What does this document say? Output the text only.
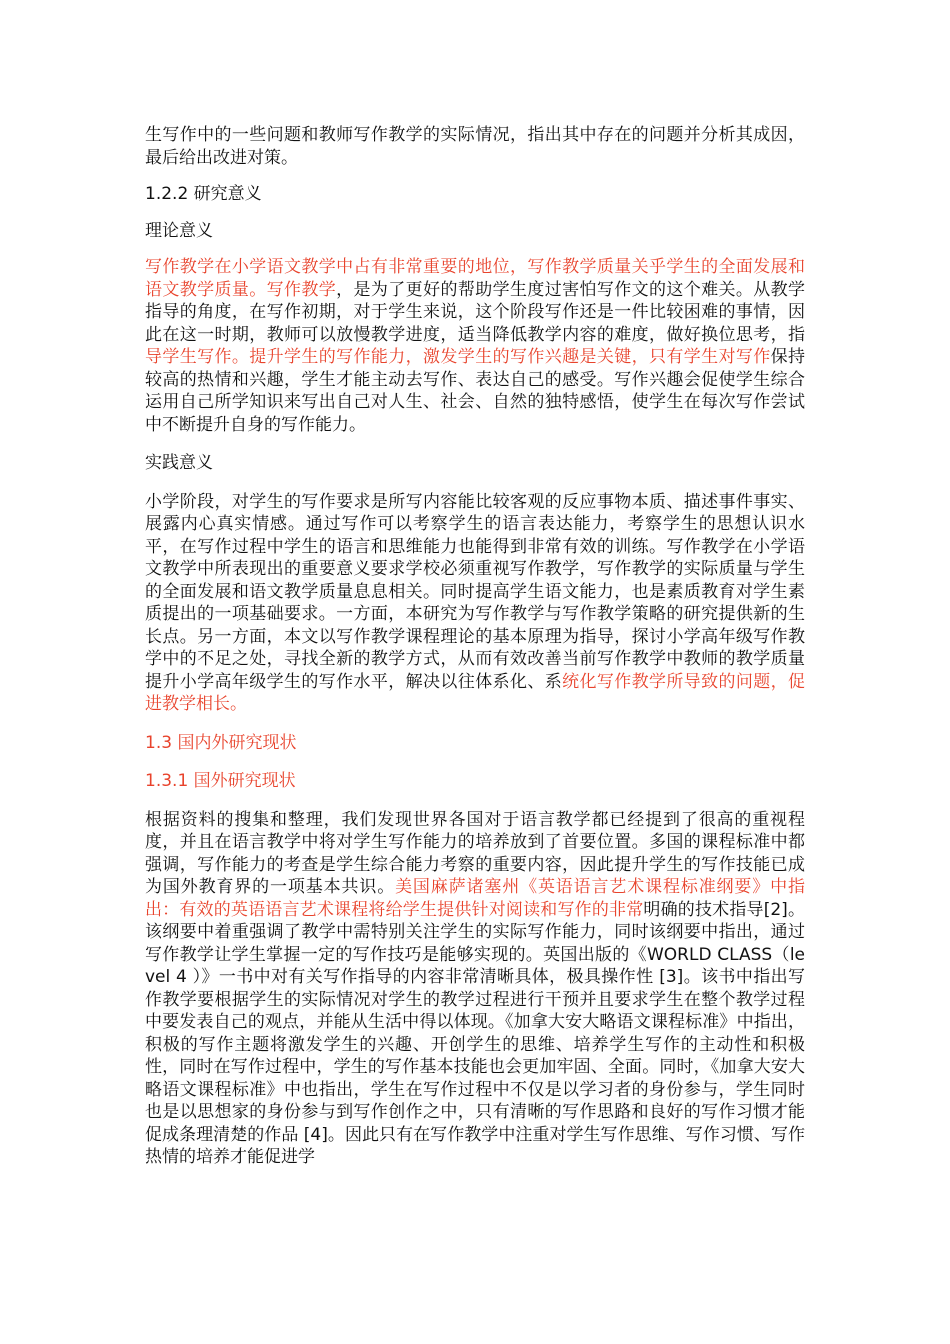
生写作中的一些问题和教师写作教学的实际情况，指出其中存在的问题并分析其成因，最后给出改进对策。

1.2.2 研究意义

理论意义

写作教学在小学语文教学中占有非常重要的地位，写作教学质量关乎学生的全面发展和语文教学质量。写作教学，是为了更好的帮助学生度过害怕写作文的这个难关。从教学指导的角度，在写作初期，对于学生来说，这个阶段写作还是一件比较困难的事情，因此在这一时期，教师可以放慢教学进度，适当降低教学内容的难度，做好换位思考，指导学生写作。提升学生的写作能力，激发学生的写作兴趣是关键，只有学生对写作保持较高的热情和兴趣，学生才能主动去写作、表达自己的感受。写作兴趣会促使学生综合运用自己所学知识来写出自己对人生、社会、自然的独特感悟，使学生在每次写作尝试中不断提升自身的写作能力。

实践意义

小学阶段，对学生的写作要求是所写内容能比较客观的反应事物本质、描述事件事实、展露内心真实情感。通过写作可以考察学生的语言表达能力，考察学生的思想认识水平，在写作过程中学生的语言和思维能力也能得到非常有效的训练。写作教学在小学语文教学中所表现出的重要意义要求学校必须重视写作教学，写作教学的实际质量与学生的全面发展和语文教学质量息息相关。同时提高学生语文能力，也是素质教育对学生素质提出的一项基础要求。一方面，本研究为写作教学与写作教学策略的研究提供新的生长点。另一方面，本文以写作教学课程理论的基本原理为指导，探讨小学高年级写作教学中的不足之处，寻找全新的教学方式，从而有效改善当前写作教学中教师的教学质量提升小学高年级学生的写作水平，解决以往体系化、系统化写作教学所导致的问题，促进教学相长。

1.3 国内外研究现状

1.3.1 国外研究现状

根据资料的搜集和整理，我们发现世界各国对于语言教学都已经提到了很高的重视程 度，并且在语言教学中将对学生写作能力的培养放到了首要位置。多国的课程标准中都强调，写作能力的考查是学生综合能力考察的重要内容，因此提升学生的写作技能已成为国外教育界的一项基本共识。美国麻萨诸塞州《英语语言艺术课程标准纲要》中指出：有效的英语语言艺术课程将给学生提供针对阅读和写作的非常明确的技术指导[2]。该纲要中着重强调了教学中需特别关注学生的实际写作能力，同时该纲要中指出，通过写作教学让学生掌握一定的写作技巧是能够实现的。英国出版的《WORLD CLASS（level 4 ）》一书中对有关写作指导的内容非常清晰具体，极具操作性 [3]。该书中指出写作教学要根据学生的实际情况对学生的教学过程进行干预并且要求学生在整个教学过程中要发表自己的观点，并能从生活中得以体现。《加拿大安大略语文课程标准》中指出，积极的写作主题将激发学生的兴趣、开创学生的思维、培养学生写作的主动性和积极性，同时在写作过程中，学生的写作基本技能也会更加牢固、全面。同时，《加拿大安大略语文课程标准》中也指出，学生在写作过程中不仅是以学习者的身份参与，学生同时也是以思想家的身份参与到写作创作之中，只有清晰的写作思路和良好的写作习惯才能促成条理清楚的作品 [4]。因此只有在写作教学中注重对学生写作思维、写作习惯、写作热情的培养才能促进学
